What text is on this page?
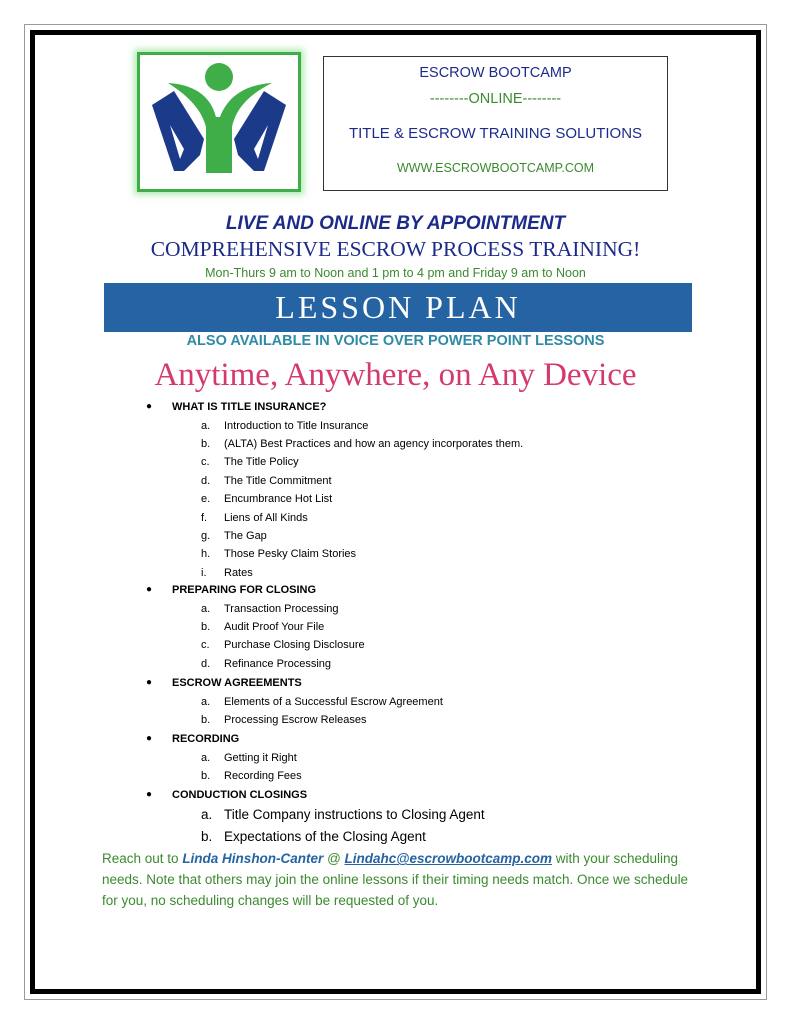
ESCROW BOOTCAMP
--------ONLINE--------
TITLE & ESCROW TRAINING SOLUTIONS
WWW.ESCROWBOOTCAMP.COM
LIVE AND ONLINE BY APPOINTMENT
COMPREHENSIVE ESCROW PROCESS TRAINING!
Mon-Thurs 9 am to Noon and 1 pm to 4 pm and Friday 9 am to Noon
LESSON PLAN
ALSO AVAILABLE IN VOICE OVER POWER POINT LESSONS
Anytime, Anywhere, on Any Device
● WHAT IS TITLE INSURANCE?
a. Introduction to Title Insurance
b. (ALTA) Best Practices and how an agency incorporates them.
c. The Title Policy
d. The Title Commitment
e. Encumbrance Hot List
f. Liens of All Kinds
g. The Gap
h. Those Pesky Claim Stories
i. Rates
● PREPARING FOR CLOSING
a. Transaction Processing
b. Audit Proof Your File
c. Purchase Closing Disclosure
d. Refinance Processing
● ESCROW AGREEMENTS
a. Elements of a Successful Escrow Agreement
b. Processing Escrow Releases
● RECORDING
a. Getting it Right
b. Recording Fees
● CONDUCTION CLOSINGS
a. Title Company instructions to Closing Agent
b. Expectations of the Closing Agent
Reach out to Linda Hinshon-Canter @ Lindahc@escrowbootcamp.com with your scheduling needs. Note that others may join the online lessons if their timing needs match. Once we schedule for you, no scheduling changes will be requested of you.
